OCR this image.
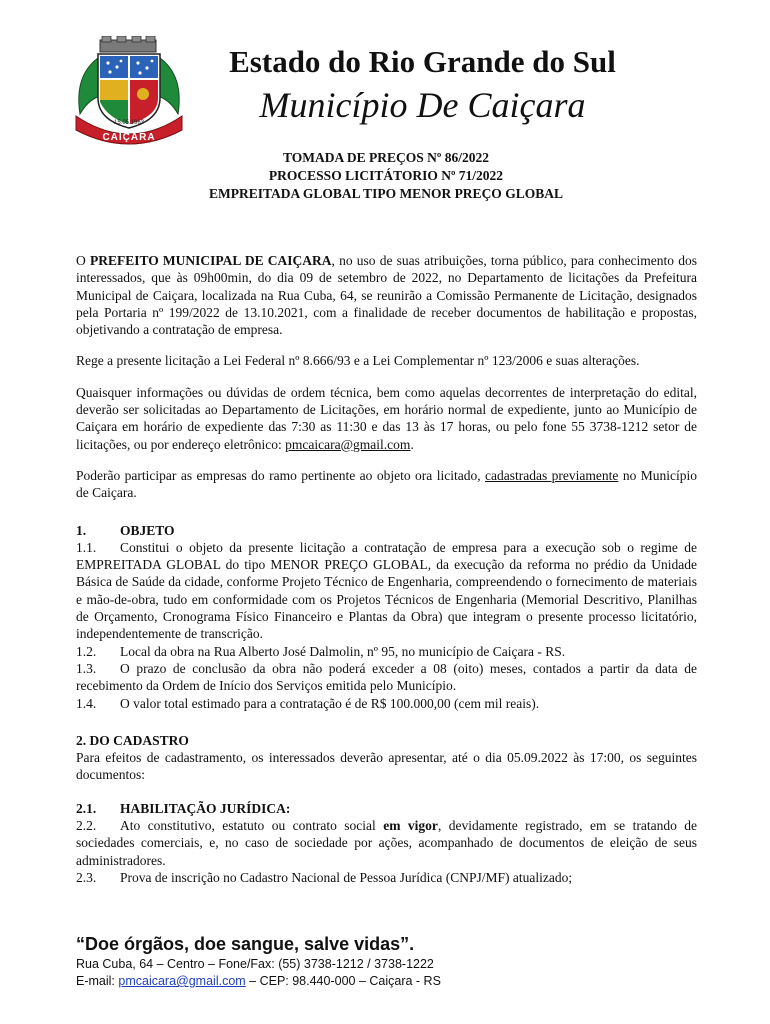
CAIÇARA
15.05.1963
Estado do Rio Grande do Sul
Município De Caiçara
TOMADA DE PREÇOS Nº 86/2022
PROCESSO LICITÁTORIO Nº 71/2022
EMPREITADA GLOBAL TIPO MENOR PREÇO GLOBAL

O PREFEITO MUNICIPAL DE CAIÇARA, no uso de suas atribuições, torna público, para conhecimento dos interessados, que às 09h00min, do dia 09 de setembro de 2022, no Departamento de licitações da Prefeitura Municipal de Caiçara, localizada na Rua Cuba, 64, se reunirão a Comissão Permanente de Licitação, designados pela Portaria nº 199/2022 de 13.10.2021, com a finalidade de receber documentos de habilitação e propostas, objetivando a contratação de empresa.

Rege a presente licitação a Lei Federal nº 8.666/93 e a Lei Complementar nº 123/2006 e suas alterações.

Quaisquer informações ou dúvidas de ordem técnica, bem como aquelas decorrentes de interpretação do edital, deverão ser solicitadas ao Departamento de Licitações, em horário normal de expediente, junto ao Município de Caiçara em horário de expediente das 7:30 as 11:30 e das 13 às 17 horas, ou pelo fone 55 3738-1212 setor de licitações, ou por endereço eletrônico: pmcaicara@gmail.com.

Poderão participar as empresas do ramo pertinente ao objeto ora licitado, cadastradas previamente no Município de Caiçara.

1.	OBJETO
1.1. Constitui o objeto da presente licitação a contratação de empresa para a execução sob o regime de EMPREITADA GLOBAL do tipo MENOR PREÇO GLOBAL, da execução da reforma no prédio da Unidade Básica de Saúde da cidade, conforme Projeto Técnico de Engenharia, compreendendo o fornecimento de materiais e mão-de-obra, tudo em conformidade com os Projetos Técnicos de Engenharia (Memorial Descritivo, Planilhas de Orçamento, Cronograma Físico Financeiro e Plantas da Obra) que integram o presente processo licitatório, independentemente de transcrição.
1.2. Local da obra na Rua Alberto José Dalmolin, nº 95, no município de Caiçara - RS.
1.3. O prazo de conclusão da obra não poderá exceder a 08 (oito) meses, contados a partir da data de recebimento da Ordem de Início dos Serviços emitida pelo Município.
1.4. O valor total estimado para a contratação é de R$ 100.000,00 (cem mil reais).
2. DO CADASTRO
Para efeitos de cadastramento, os interessados deverão apresentar, até o dia 05.09.2022 às 17:00, os seguintes documentos:
2.1. HABILITAÇÃO JURÍDICA:
2.2. Ato constitutivo, estatuto ou contrato social em vigor, devidamente registrado, em se tratando de sociedades comerciais, e, no caso de sociedade por ações, acompanhado de documentos de eleição de seus administradores.
2.3. Prova de inscrição no Cadastro Nacional de Pessoa Jurídica (CNPJ/MF) atualizado;
“Doe órgãos, doe sangue, salve vidas”.
Rua Cuba, 64 – Centro – Fone/Fax: (55) 3738-1212 / 3738-1222
E-mail: pmcaicara@gmail.com – CEP: 98.440-000 – Caiçara - RS
